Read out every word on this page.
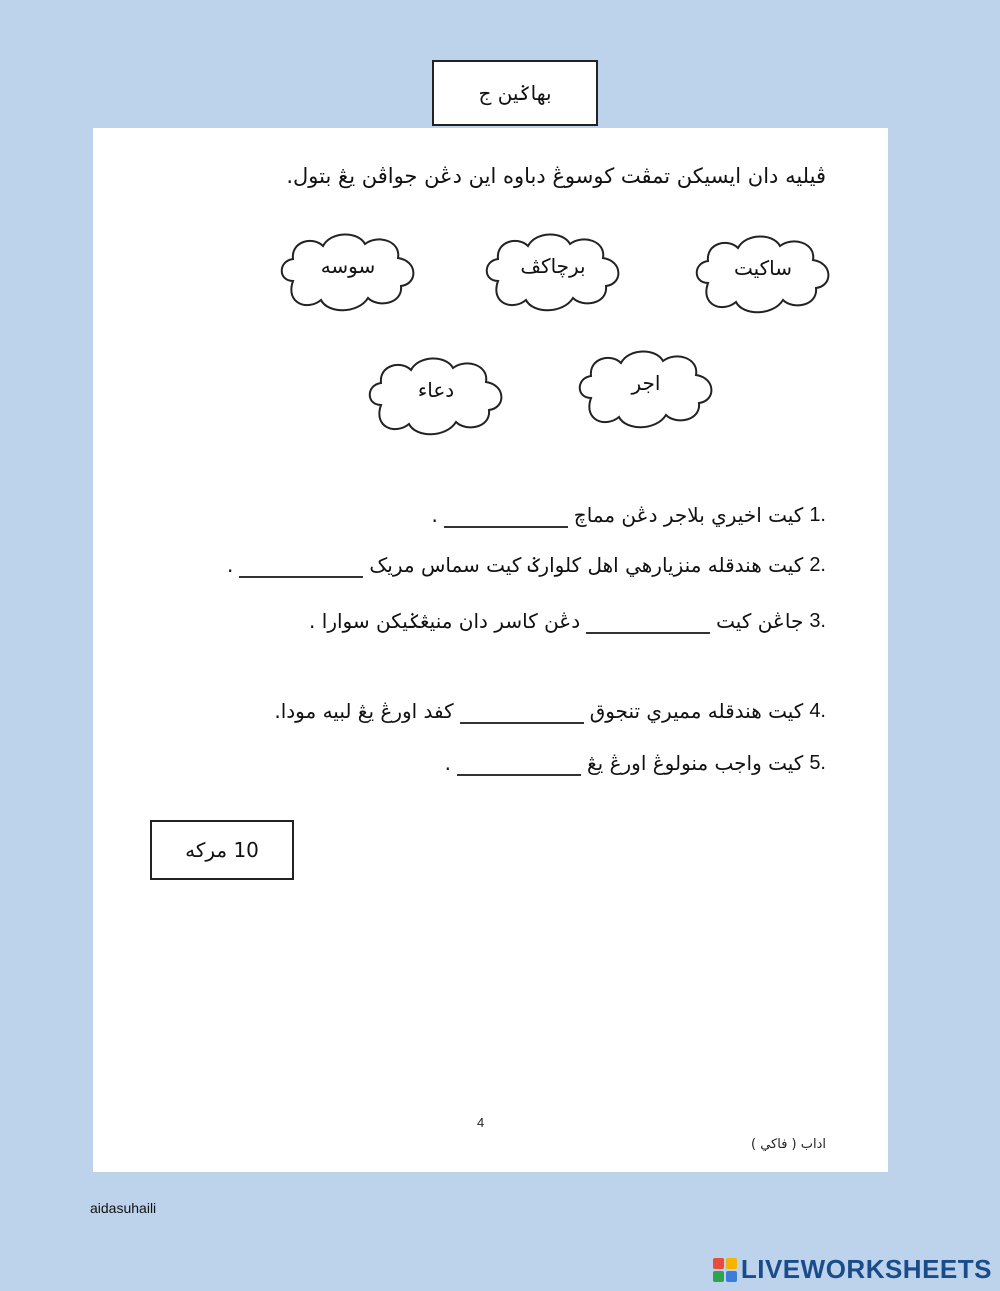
بهاݢين ج
ڤيليه دان ايسيکن تمڤت کوسوڠ دباوه اين دڠن جواڤن يڠ بتول.
ساکيت
برچاکڤ
سوسه
اجر
دعاء
1.
کيت اخيري بلاجر دڠن مماچ
.
2.
کيت هندقله منزيارهي اهل کلوارݢ کيت سماس مريک
.
3.
جاڠن کيت
دڠن کاسر دان منيڠݢيکن سوارا .
4.
کيت هندقله مميري تنجوق
کفد اورڠ يڠ لبيه مودا.
5.
کيت واجب منولوڠ اورڠ يڠ
.
10 مرکه
4
اداب ( فاکي )
aidasuhaili
LIVEWORKSHEETS
